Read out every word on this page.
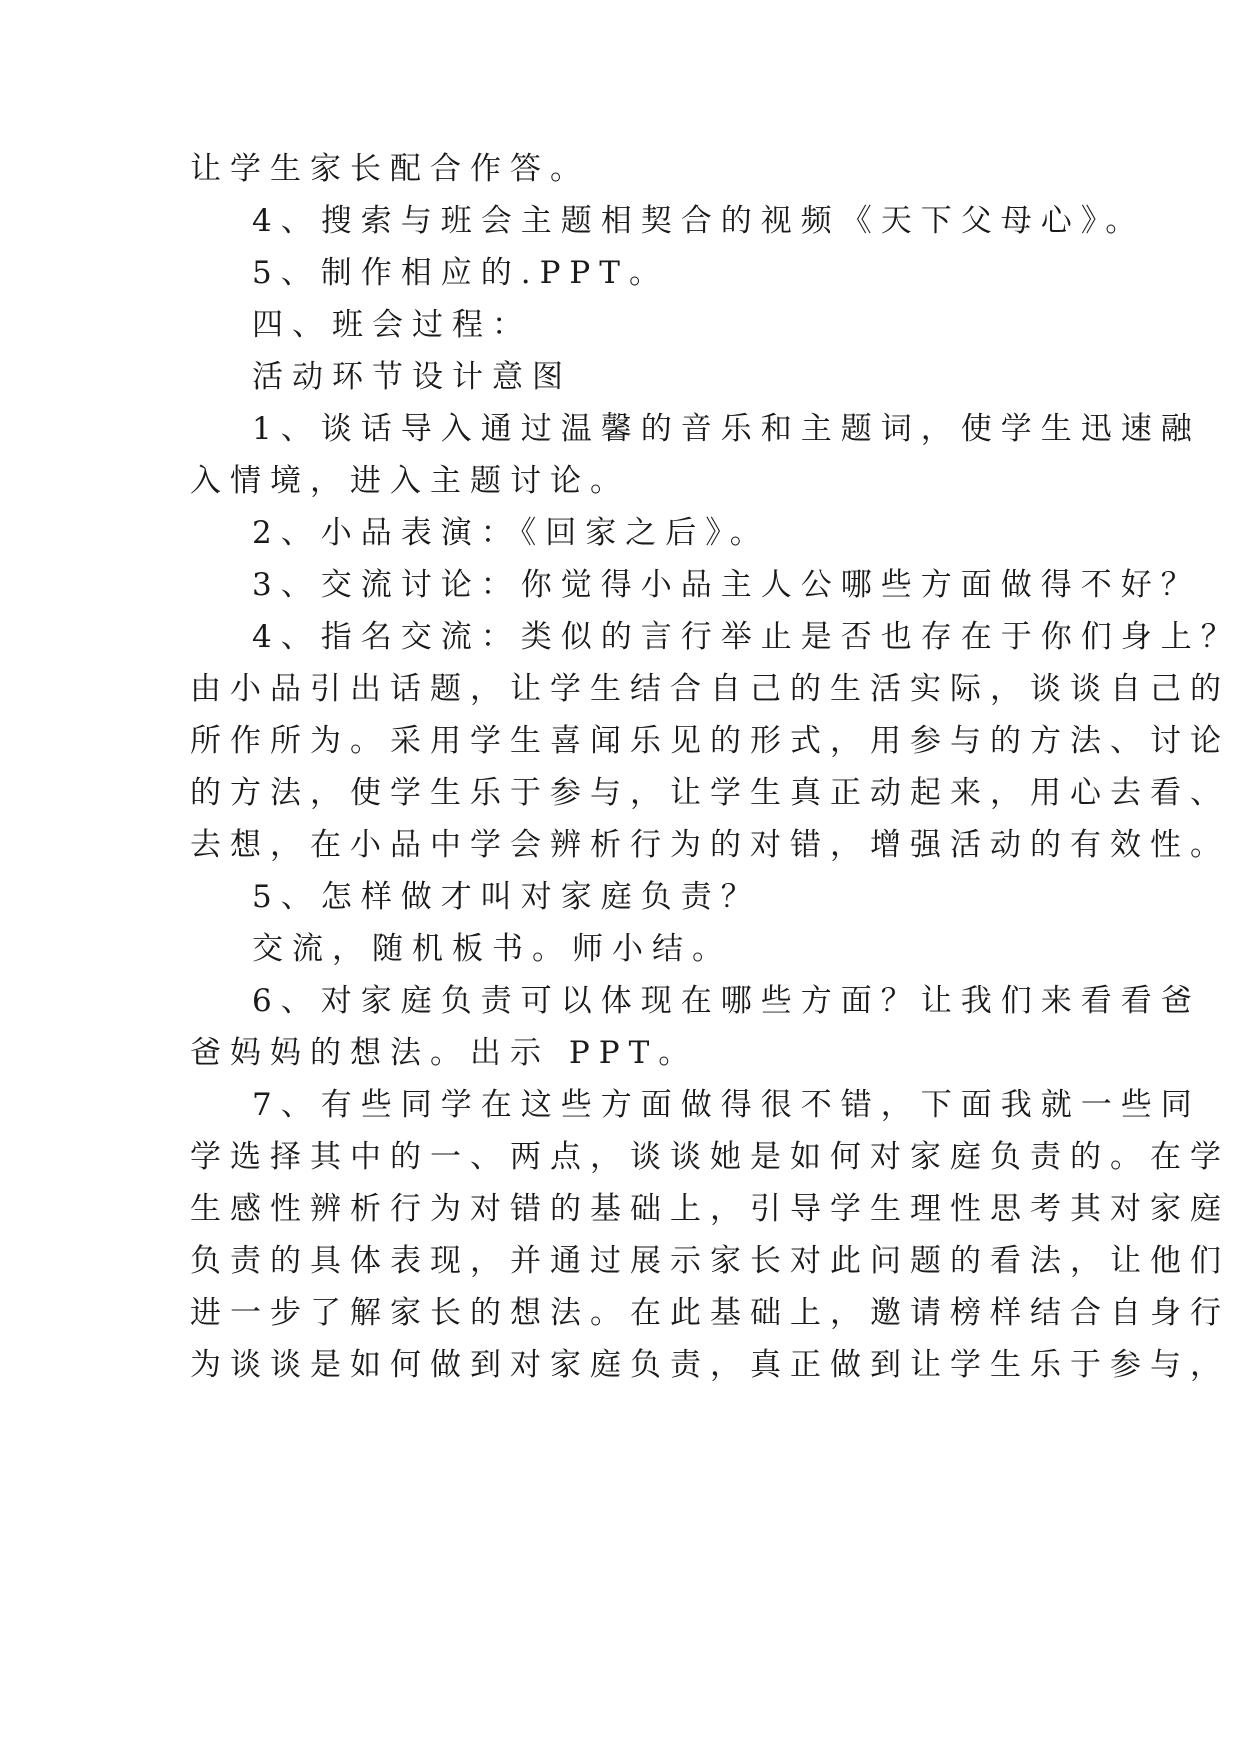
让学生家长配合作答。
4、搜索与班会主题相契合的视频《天下父母心》。
5、制作相应的.PPT。
四、班会过程：
活动环节设计意图
1、谈话导入通过温馨的音乐和主题词，使学生迅速融
入情境，进入主题讨论。
2、小品表演：《回家之后》。
3、交流讨论：你觉得小品主人公哪些方面做得不好？
4、指名交流：类似的言行举止是否也存在于你们身上？
由小品引出话题，让学生结合自己的生活实际，谈谈自己的
所作所为。采用学生喜闻乐见的形式，用参与的方法、讨论
的方法，使学生乐于参与，让学生真正动起来，用心去看、
去想，在小品中学会辨析行为的对错，增强活动的有效性。
5、怎样做才叫对家庭负责？
交流，随机板书。师小结。
6、对家庭负责可以体现在哪些方面？让我们来看看爸
爸妈妈的想法。出示 PPT。
7、有些同学在这些方面做得很不错，下面我就一些同
学选择其中的一、两点，谈谈她是如何对家庭负责的。在学
生感性辨析行为对错的基础上，引导学生理性思考其对家庭
负责的具体表现，并通过展示家长对此问题的看法，让他们
进一步了解家长的想法。在此基础上，邀请榜样结合自身行
为谈谈是如何做到对家庭负责，真正做到让学生乐于参与，
